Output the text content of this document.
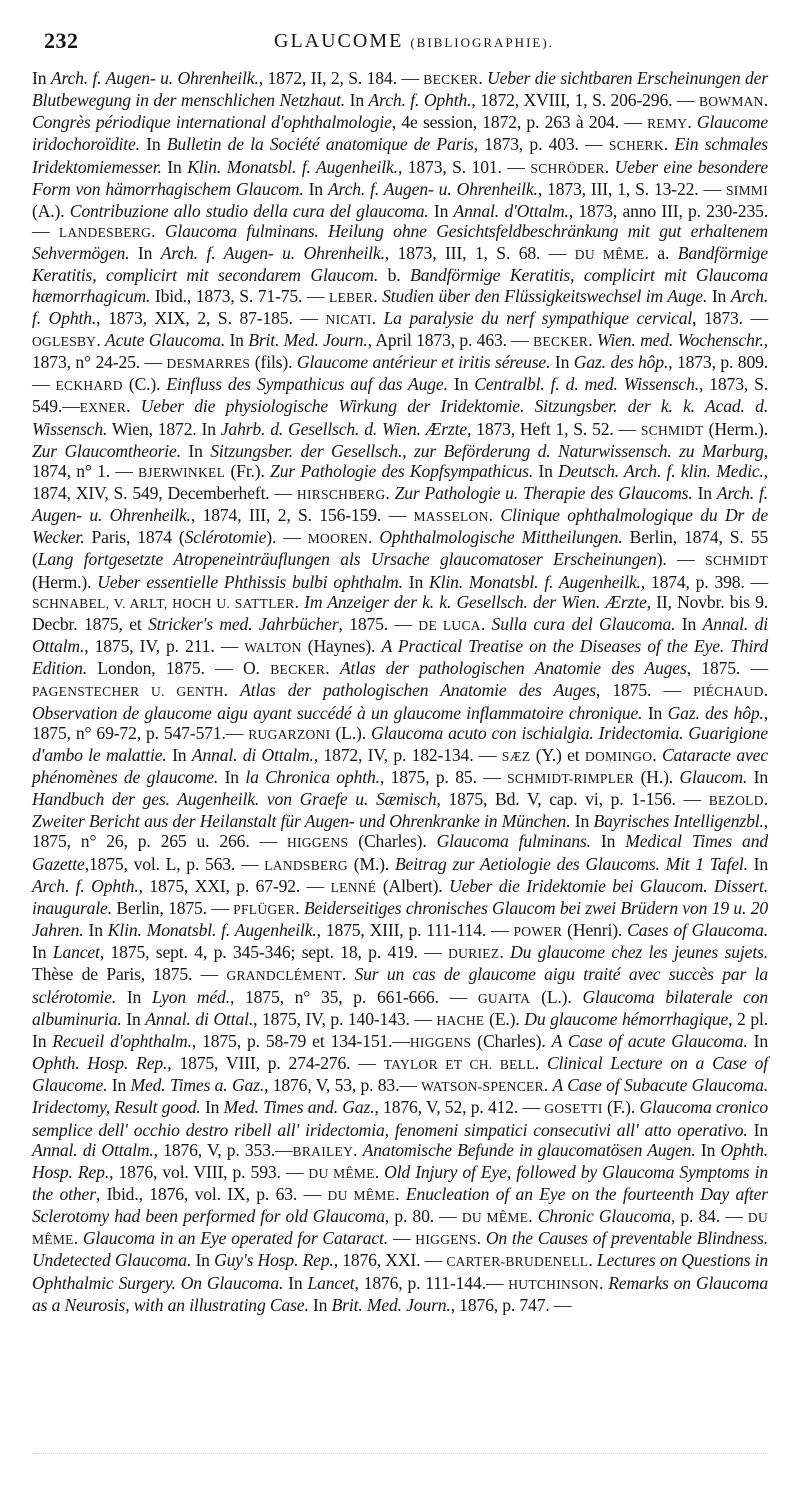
232	GLAUCOME (BIBLIOGRAPHIE).

In Arch. f. Augen- u. Ohrenheilk., 1872, II, 2, S. 184. — BECKER. Ueber die sichtbaren Erscheinungen der Blutbewegung in der menschlichen Netzhaut. In Arch. f. Ophth., 1872, XVIII, 1, S. 206-296. — BOWMAN. Congrès périodique international d'ophthalmologie, 4e session, 1872, p. 263 à 204. — REMY. Glaucome iridochoroïdite. In Bulletin de la Société anatomique de Paris, 1873, p. 403. — SCHERK. Ein schmales Iridektomiemesser. In Klin. Monatsbl. f. Augenheilk., 1873, S. 101. — SCHRÖDER. Ueber eine besondere Form von hämorrhagischem Glaucom. In Arch. f. Augen- u. Ohrenheilk., 1873, III, 1, S. 13-22. — SIMMI (A.). Contribuzione allo studio della cura del glaucoma. In Annal. d'Ottalm., 1873, anno III, p. 230-235. — LANDESBERG. Glaucoma fulminans. Heilung ohne Gesichtsfeldbeschränkung mit gut erhaltenem Sehvermögen. In Arch. f. Augen- u. Ohrenheilk., 1873, III, 1, S. 68. — DU MÊME. a. Bandförmige Keratitis, complicirt mit secondarem Glaucom. b. Bandförmige Keratitis, complicirt mit Glaucoma hæmorrhagicum. Ibid., 1873, S. 71-75. — LEBER. Studien über den Flüssigkeitswechsel im Auge. In Arch. f. Ophth., 1873, XIX, 2, S. 87-185. — NICATI. La paralysie du nerf sympathique cervical, 1873. — OGLESBY. Acute Glaucoma. In Brit. Med. Journ., April 1873, p. 463. — BECKER. Wien. med. Wochenschr., 1873, n° 24-25. — DESMARRES (fils). Glaucome antérieur et iritis séreuse. In Gaz. des hôp., 1873, p. 809. — ECKHARD (C.). Einfluss des Sympathicus auf das Auge. In Centralbl. f. d. med. Wissensch., 1873, S. 549.—EXNER. Ueber die physiologische Wirkung der Iridektomie. Sitzungsber. der k. k. Acad. d. Wissensch. Wien, 1872. In Jahrb. d. Gesellsch. d. Wien. Ærzte, 1873, Heft 1, S. 52. — SCHMIDT (Herm.). Zur Glaucomtheorie. In Sitzungsber. der Gesellsch., zur Beförderung d. Naturwissensch. zu Marburg, 1874, n° 1. — BJERWINKEL (Fr.). Zur Pathologie des Kopfsympathicus. In Deutsch. Arch. f. klin. Medic., 1874, XIV, S. 549, Decemberheft. — HIRSCHBERG. Zur Pathologie u. Therapie des Glaucoms. In Arch. f. Augen- u. Ohrenheilk., 1874, III, 2, S. 156-159. — MASSELON. Clinique ophthalmologique du Dr de Wecker. Paris, 1874 (Sclérotomie). — MOOREN. Ophthalmologische Mittheilungen. Berlin, 1874, S. 55 (Lang fortgesetzte Atropeneinträuflungen als Ursache glaucomatoser Erscheinungen). — SCHMIDT (Herm.). Ueber essentielle Phthissis bulbi ophthalm. In Klin. Monatsbl. f. Augenheilk., 1874, p. 398. — SCHNABEL, V. ARLT, HOCH U. SATTLER. Im Anzeiger der k. k. Gesellsch. der Wien. Ærzte, II, Novbr. bis 9. Decbr. 1875, et Stricker's med. Jahrbücher, 1875. — DE LUCA. Sulla cura del Glaucoma. In Annal. di Ottalm., 1875, IV, p. 211. — WALTON (Haynes). A Practical Treatise on the Diseases of the Eye. Third Edition. London, 1875. — O. BECKER. Atlas der pathologischen Anatomie des Auges, 1875. — PAGENSTECHER U. GENTH. Atlas der pathologischen Anatomie des Auges, 1875. — PIÉCHAUD. Observation de glaucome aigu ayant succédé à un glaucome inflammatoire chronique. In Gaz. des hôp., 1875, n° 69-72, p. 547-571.— RUGARZONI (L.). Glaucoma acuto con ischialgia. Iridectomia. Guarigione d'ambo le malattie. In Annal. di Ottalm., 1872, IV, p. 182-134. — SÆZ (Y.) et DOMINGO. Cataracte avec phénomènes de glaucome. In la Chronica ophth., 1875, p. 85. — SCHMIDT-RIMPLER (H.). Glaucom. In Handbuch der ges. Augenheilk. von Graefe u. Sæmisch, 1875, Bd. V, cap. vi, p. 1-156. — BEZOLD. Zweiter Bericht aus der Heilanstalt für Augen- und Ohrenkranke in München. In Bayrisches Intelligenzbl., 1875, n° 26, p. 265 u. 266. — HIGGENS (Charles). Glaucoma fulminans. In Medical Times and Gazette,1875, vol. L, p. 563. — LANDSBERG (M.). Beitrag zur Aetiologie des Glaucoms. Mit 1 Tafel. In Arch. f. Ophth., 1875, XXI, p. 67-92. — LENNÉ (Albert). Ueber die Iridektomie bei Glaucom. Dissert. inaugurale. Berlin, 1875. — PFLÜGER. Beiderseitiges chronisches Glaucom bei zwei Brüdern von 19 u. 20 Jahren. In Klin. Monatsbl. f. Augenheilk., 1875, XIII, p. 111-114. — POWER (Henri). Cases of Glaucoma. In Lancet, 1875, sept. 4, p. 345-346; sept. 18, p. 419. — DURIEZ. Du glaucome chez les jeunes sujets. Thèse de Paris, 1875. — GRANDCLÉMENT. Sur un cas de glaucome aigu traité avec succès par la sclérotomie. In Lyon méd., 1875, n° 35, p. 661-666. — GUAITA (L.). Glaucoma bilaterale con albuminuria. In Annal. di Ottal., 1875, IV, p. 140-143. — HACHE (E.). Du glaucome hémorrhagique, 2 pl. In Recueil d'ophthalm., 1875, p. 58-79 et 134-151.—HIGGENS (Charles). A Case of acute Glaucoma. In Ophth. Hosp. Rep., 1875, VIII, p. 274-276. — TAYLOR ET CH. BELL. Clinical Lecture on a Case of Glaucome. In Med. Times a. Gaz., 1876, V, 53, p. 83.— WATSON-SPENCER. A Case of Subacute Glaucoma. Iridectomy, Result good. In Med. Times and. Gaz., 1876, V, 52, p. 412. — GOSETTI (F.). Glaucoma cronico semplice dell' occhio destro ribell all' iridectomia, fenomeni simpatici consecutivi all' atto operativo. In Annal. di Ottalm., 1876, V, p. 353.—BRAILEY. Anatomische Befunde in glaucomatösen Augen. In Ophth. Hosp. Rep., 1876, vol. VIII, p. 593. — DU MÊME. Old Injury of Eye, followed by Glaucoma Symptoms in the other, Ibid., 1876, vol. IX, p. 63. — DU MÊME. Enucleation of an Eye on the fourteenth Day after Sclerotomy had been performed for old Glaucoma, p. 80. — DU MÊME. Chronic Glaucoma, p. 84. — DU MÊME. Glaucoma in an Eye operated for Cataract. — HIGGENS. On the Causes of preventable Blindness. Undetected Glaucoma. In Guy's Hosp. Rep., 1876, XXI. — CARTER-BRUDENELL. Lectures on Questions in Ophthalmic Surgery. On Glaucoma. In Lancet, 1876, p. 111-144.— HUTCHINSON. Remarks on Glaucoma as a Neurosis, with an illustrating Case. In Brit. Med. Journ., 1876, p. 747. —
